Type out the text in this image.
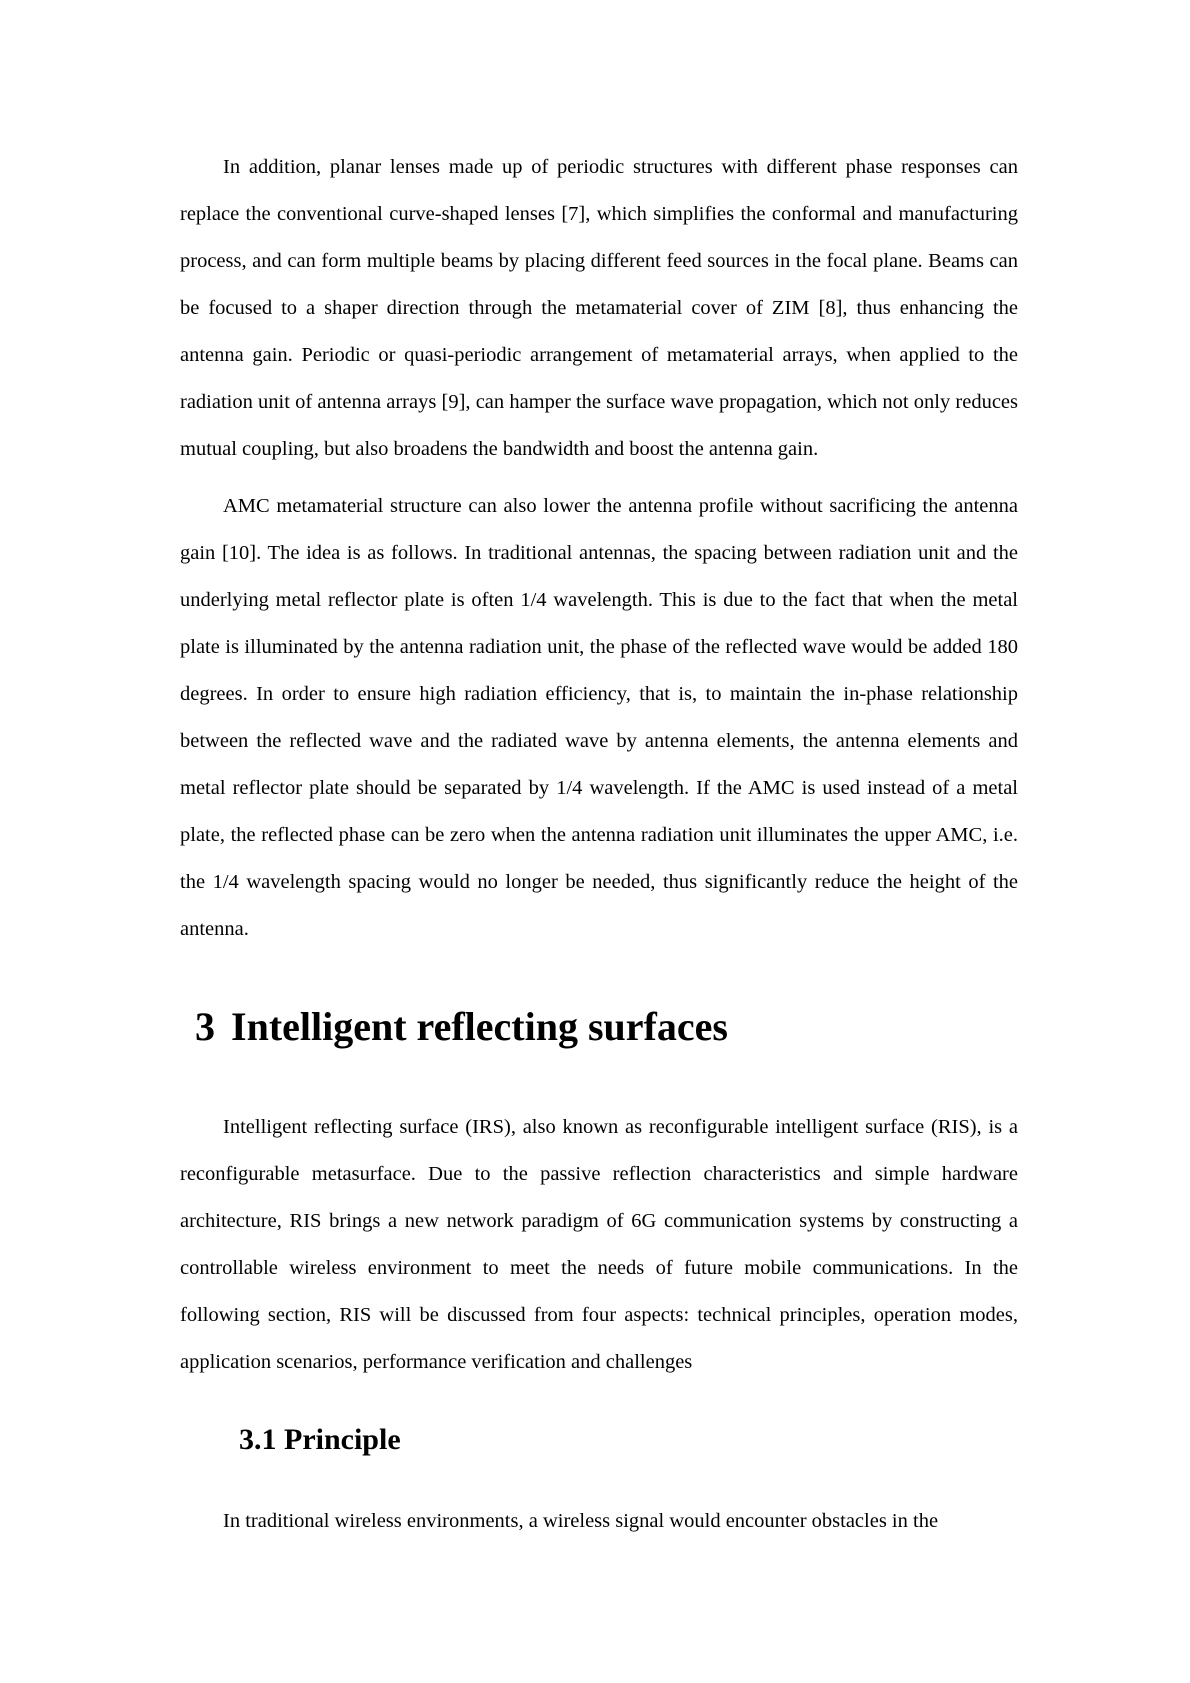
In addition, planar lenses made up of periodic structures with different phase responses can replace the conventional curve-shaped lenses [7], which simplifies the conformal and manufacturing process, and can form multiple beams by placing different feed sources in the focal plane. Beams can be focused to a shaper direction through the metamaterial cover of ZIM [8], thus enhancing the antenna gain. Periodic or quasi-periodic arrangement of metamaterial arrays, when applied to the radiation unit of antenna arrays [9], can hamper the surface wave propagation, which not only reduces mutual coupling, but also broadens the bandwidth and boost the antenna gain.

AMC metamaterial structure can also lower the antenna profile without sacrificing the antenna gain [10]. The idea is as follows. In traditional antennas, the spacing between radiation unit and the underlying metal reflector plate is often 1/4 wavelength. This is due to the fact that when the metal plate is illuminated by the antenna radiation unit, the phase of the reflected wave would be added 180 degrees. In order to ensure high radiation efficiency, that is, to maintain the in-phase relationship between the reflected wave and the radiated wave by antenna elements, the antenna elements and metal reflector plate should be separated by 1/4 wavelength. If the AMC is used instead of a metal plate, the reflected phase can be zero when the antenna radiation unit illuminates the upper AMC, i.e. the 1/4 wavelength spacing would no longer be needed, thus significantly reduce the height of the antenna.

3 Intelligent reflecting surfaces

Intelligent reflecting surface (IRS), also known as reconfigurable intelligent surface (RIS), is a reconfigurable metasurface. Due to the passive reflection characteristics and simple hardware architecture, RIS brings a new network paradigm of 6G communication systems by constructing a controllable wireless environment to meet the needs of future mobile communications. In the following section, RIS will be discussed from four aspects: technical principles, operation modes, application scenarios, performance verification and challenges

3.1 Principle

In traditional wireless environments, a wireless signal would encounter obstacles in the
